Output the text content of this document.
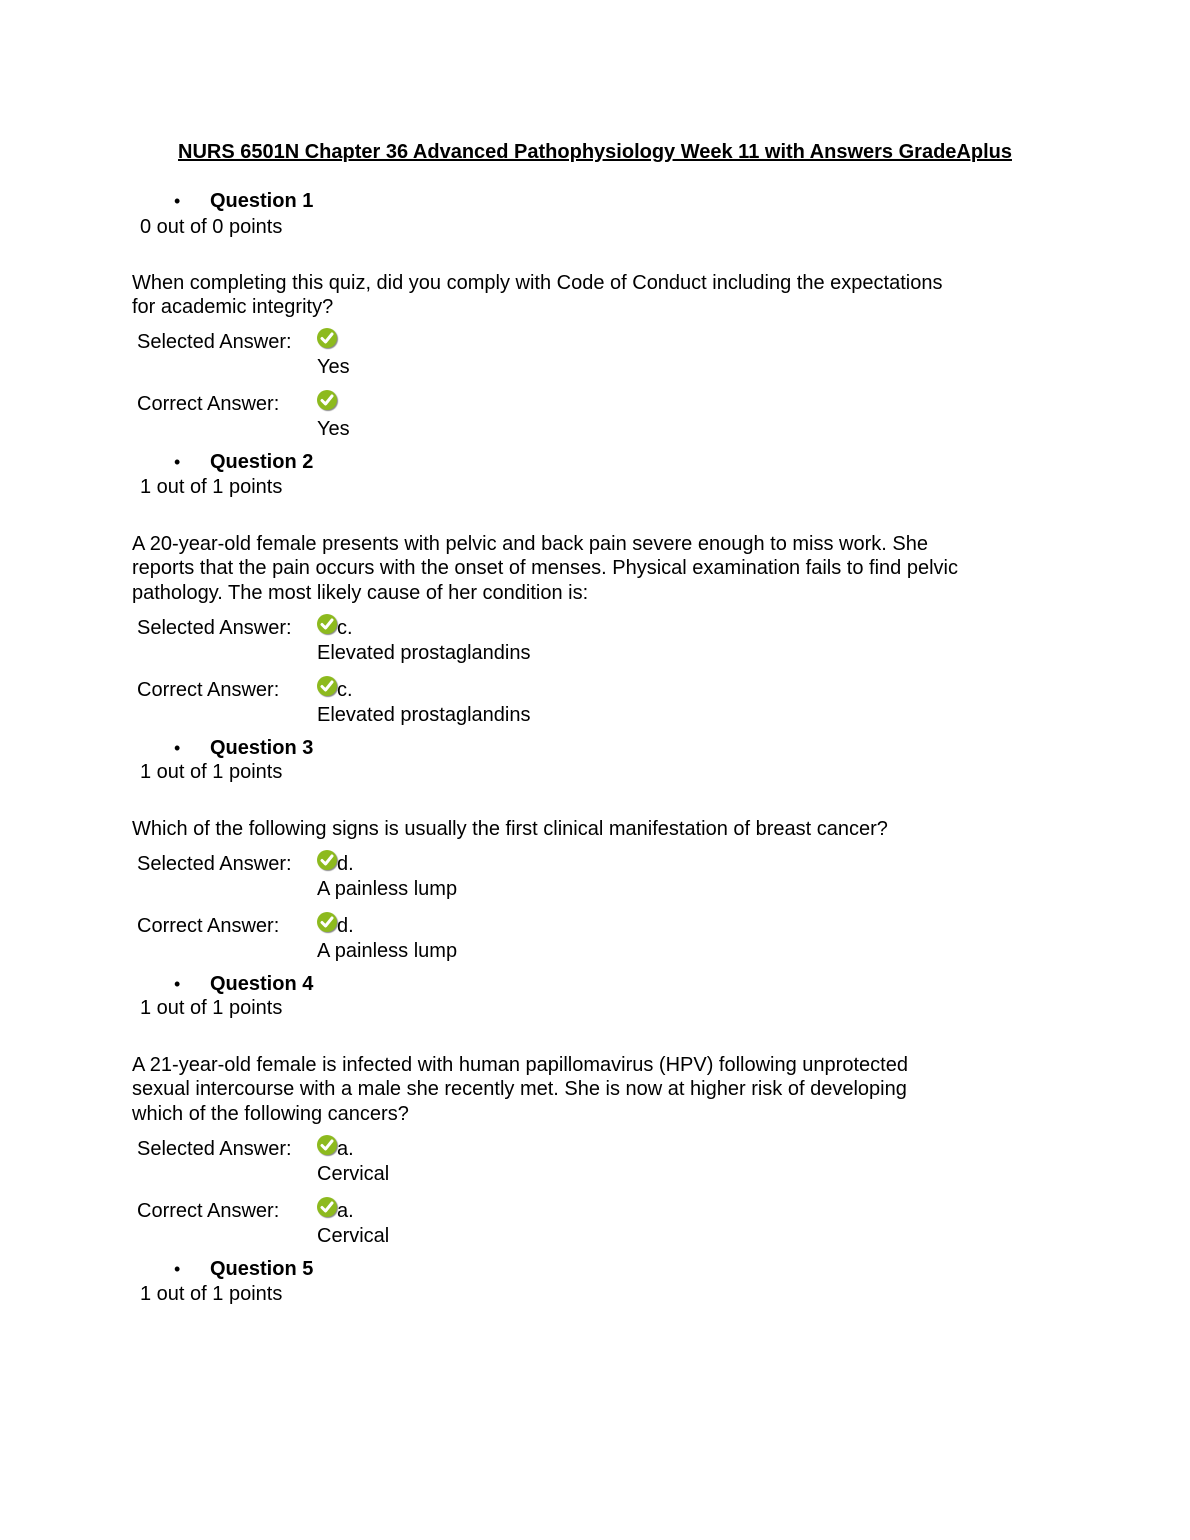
NURS 6501N Chapter 36 Advanced Pathophysiology Week 11 with Answers GradeAplus
• Question 1
0 out of 0 points
When completing this quiz, did you comply with Code of Conduct including the expectations
for academic integrity?
Selected Answer:
Yes
Correct Answer:
Yes
• Question 2
1 out of 1 points
A 20-year-old female presents with pelvic and back pain severe enough to miss work. She
reports that the pain occurs with the onset of menses. Physical examination fails to find pelvic
pathology. The most likely cause of her condition is:
Selected Answer: c.
Elevated prostaglandins
Correct Answer:	c.
Elevated prostaglandins
• Question 3
1 out of 1 points
Which of the following signs is usually the first clinical manifestation of breast cancer?
Selected Answer: d.
A painless lump
Correct Answer:	d.
A painless lump
• Question 4
1 out of 1 points
A 21-year-old female is infected with human papillomavirus (HPV) following unprotected
sexual intercourse with a male she recently met. She is now at higher risk of developing
which of the following cancers?
Selected Answer: a.
Cervical
Correct Answer:	a.
Cervical
• Question 5
1 out of 1 points
